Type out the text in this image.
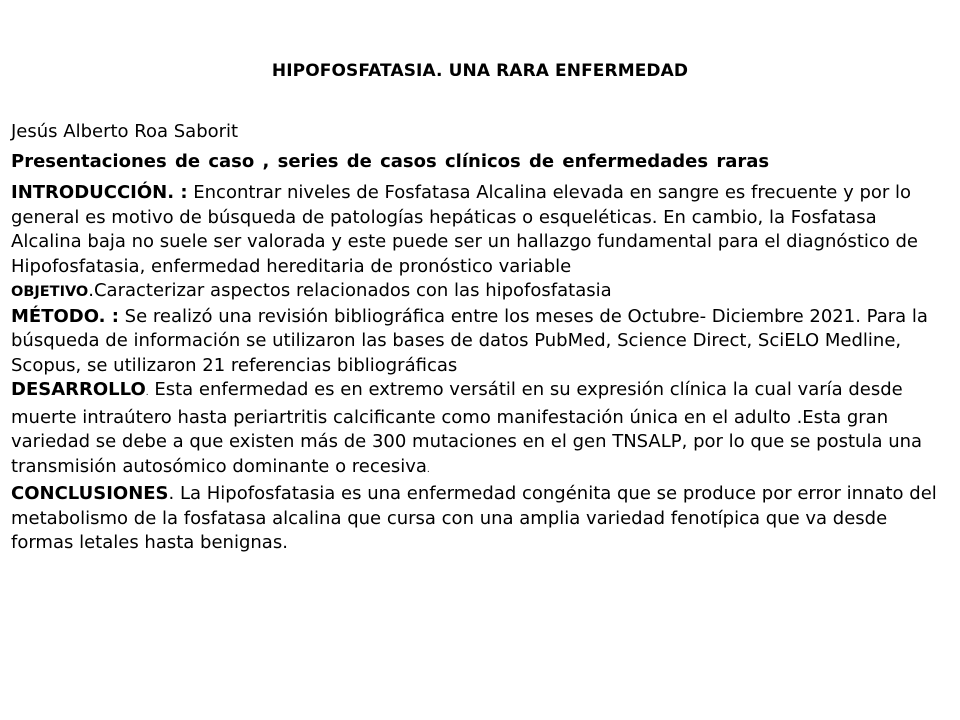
HIPOFOSFATASIA. UNA RARA ENFERMEDAD
Jesús Alberto Roa Saborit
Presentaciones de caso , series de casos clínicos de enfermedades raras

INTRODUCCIÓN. : Encontrar niveles de Fosfatasa Alcalina elevada en sangre es frecuente y por lo general es motivo de búsqueda de patologías hepáticas o esqueléticas. En cambio, la Fosfatasa Alcalina baja no suele ser valorada y este puede ser un hallazgo fundamental para el diagnóstico de Hipofosfatasia, enfermedad hereditaria de pronóstico variable

OBJETIVO.Caracterizar aspectos relacionados con las hipofosfatasia

MÉTODO. : Se realizó una revisión bibliográfica entre los meses de Octubre- Diciembre 2021. Para la búsqueda de información se utilizaron las bases de datos PubMed, Science Direct, SciELO Medline, Scopus, se utilizaron 21 referencias bibliográficas

DESARROLLO. Esta enfermedad es en extremo versátil en su expresión clínica la cual varía desde muerte intraútero hasta periartritis calcificante como manifestación única en el adulto .Esta gran variedad se debe a que existen más de 300 mutaciones en el gen TNSALP, por lo que se postula una transmisión autosómico dominante o recesiva.

CONCLUSIONES. La Hipofosfatasia es una enfermedad congénita que se produce por error innato del metabolismo de la fosfatasa alcalina que cursa con una amplia variedad fenotípica que va desde formas letales hasta benignas.
